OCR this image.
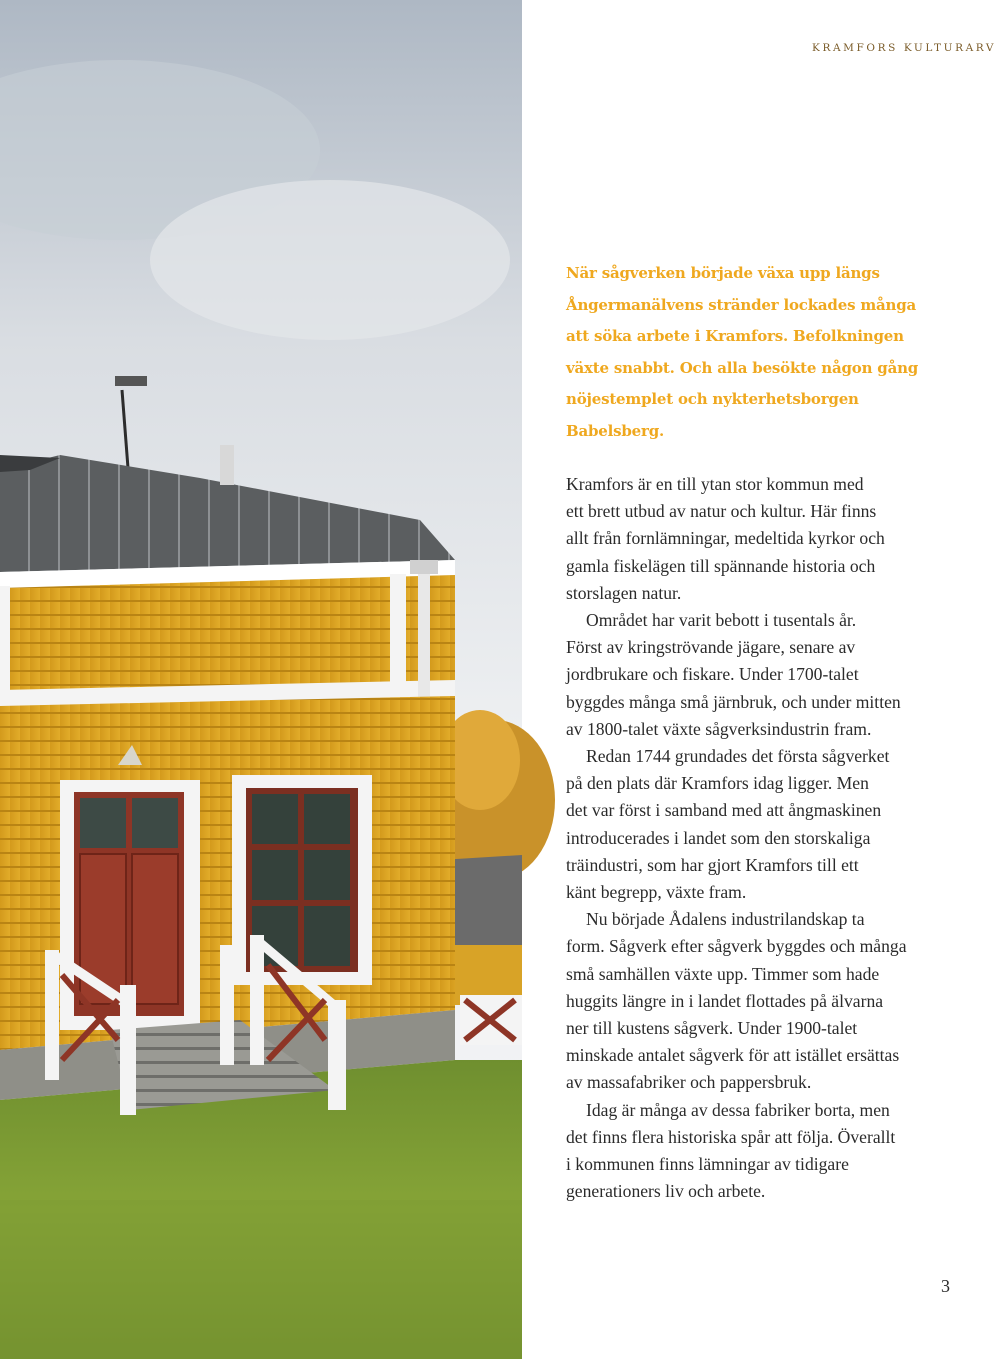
KRAMFORS KULTURARV
När sågverken började växa upp längs
Ångermanälvens stränder lockades många
att söka arbete i Kramfors. Befolkningen
växte snabbt. Och alla besökte någon gång
nöjestemplet och nykterhetsborgen
Babelsberg.
Kramfors är en till ytan stor kommun med
ett brett utbud av natur och kultur. Här finns
allt från fornlämningar, medeltida kyrkor och
gamla fiskelägen till spännande historia och
storslagen natur.
Området har varit bebott i tusentals år.
Först av kringströvande jägare, senare av
jordbrukare och fiskare. Under 1700-talet
byggdes många små järnbruk, och under mitten
av 1800-talet växte sågverksindustrin fram.
Redan 1744 grundades det första sågverket
på den plats där Kramfors idag ligger. Men
det var först i samband med att ångmaskinen
introducerades i landet som den storskaliga
träindustri, som har gjort Kramfors till ett
känt begrepp, växte fram.
Nu började Ådalens industrilandskap ta
form. Sågverk efter sågverk byggdes och många
små samhällen växte upp. Timmer som hade
huggits längre in i landet flottades på älvarna
ner till kustens sågverk. Under 1900-talet
minskade antalet sågverk för att istället ersättas
av massafabriker och pappersbruk.
Idag är många av dessa fabriker borta, men
det finns flera historiska spår att följa. Överallt
i kommunen finns lämningar av tidigare
generationers liv och arbete.
3
